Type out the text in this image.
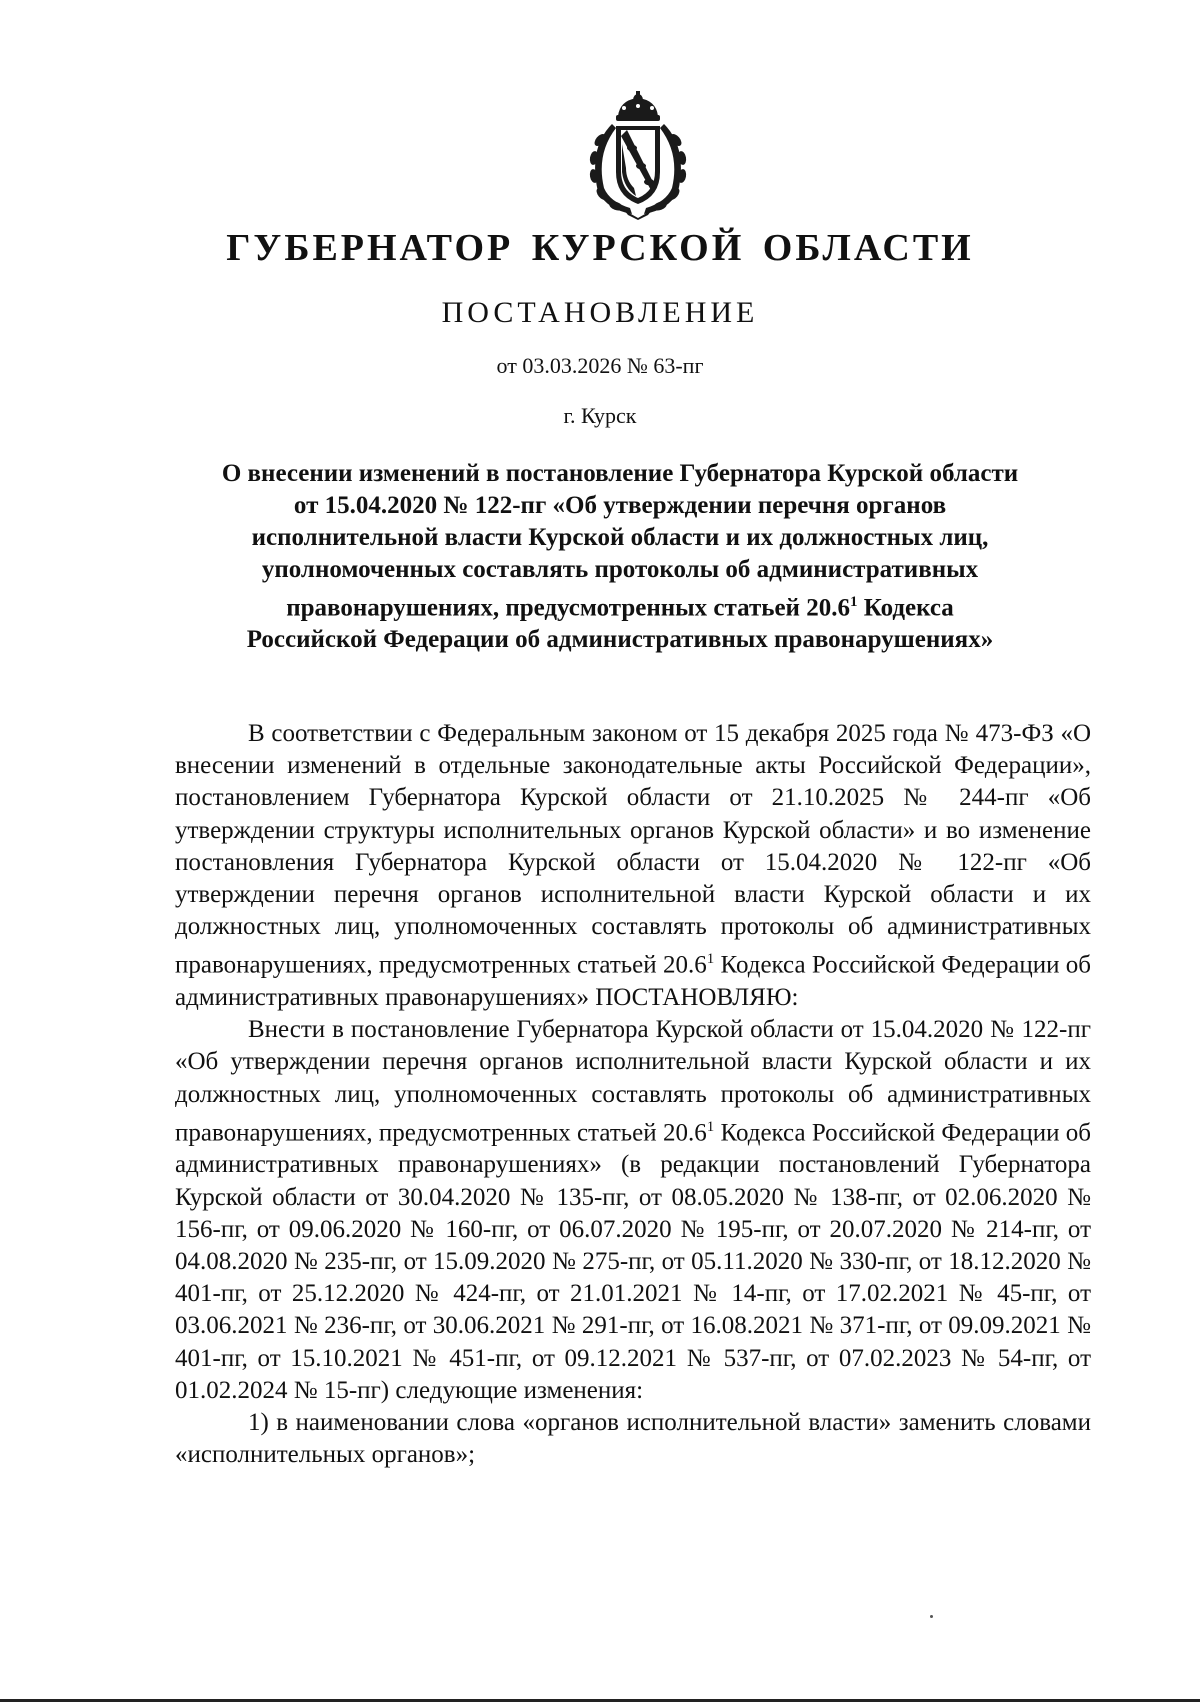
ГУБЕРНАТОР КУРСКОЙ ОБЛАСТИ
ПОСТАНОВЛЕНИЕ
от 03.03.2026 № 63-пг
г. Курск
О внесении изменений в постановление Губернатора Курской области
от 15.04.2020 № 122-пг «Об утверждении перечня органов
исполнительной власти Курской области и их должностных лиц,
уполномоченных составлять протоколы об административных
правонарушениях, предусмотренных статьей 20.6$^1$ Кодекса
Российской Федерации об административных правонарушениях»

В соответствии с Федеральным законом от 15 декабря 2025 года № 473-ФЗ «О внесении изменений в отдельные законодательные акты Российской Федерации», постановлением Губернатора Курской области от 21.10.2025 № 244-пг «Об утверждении структуры исполнительных органов Курской области» и во изменение постановления Губернатора Курской области от 15.04.2020 № 122-пг «Об утверждении перечня органов исполнительной власти Курской области и их должностных лиц, уполномоченных составлять протоколы об административных правонарушениях, предусмотренных статьей 20.6$^1$ Кодекса Российской Федерации об административных правонарушениях» ПОСТАНОВЛЯЮ:

Внести в постановление Губернатора Курской области от 15.04.2020 № 122-пг «Об утверждении перечня органов исполнительной власти Курской области и их должностных лиц, уполномоченных составлять протоколы об административных правонарушениях, предусмотренных статьей 20.6$^1$ Кодекса Российской Федерации об административных правонарушениях» (в редакции постановлений Губернатора Курской области от 30.04.2020 № 135-пг, от 08.05.2020 № 138-пг, от 02.06.2020 № 156-пг, от 09.06.2020 № 160-пг, от 06.07.2020 № 195-пг, от 20.07.2020 № 214-пг, от 04.08.2020 № 235-пг, от 15.09.2020 № 275-пг, от 05.11.2020 № 330-пг, от 18.12.2020 № 401-пг, от 25.12.2020 № 424-пг, от 21.01.2021 № 14-пг, от 17.02.2021 № 45-пг, от 03.06.2021 № 236-пг, от 30.06.2021 № 291-пг, от 16.08.2021 № 371-пг, от 09.09.2021 № 401-пг, от 15.10.2021 № 451-пг, от 09.12.2021 № 537-пг, от 07.02.2023 № 54-пг, от 01.02.2024 № 15-пг) следующие изменения:

1) в наименовании слова «органов исполнительной власти» заменить словами «исполнительных органов»;
